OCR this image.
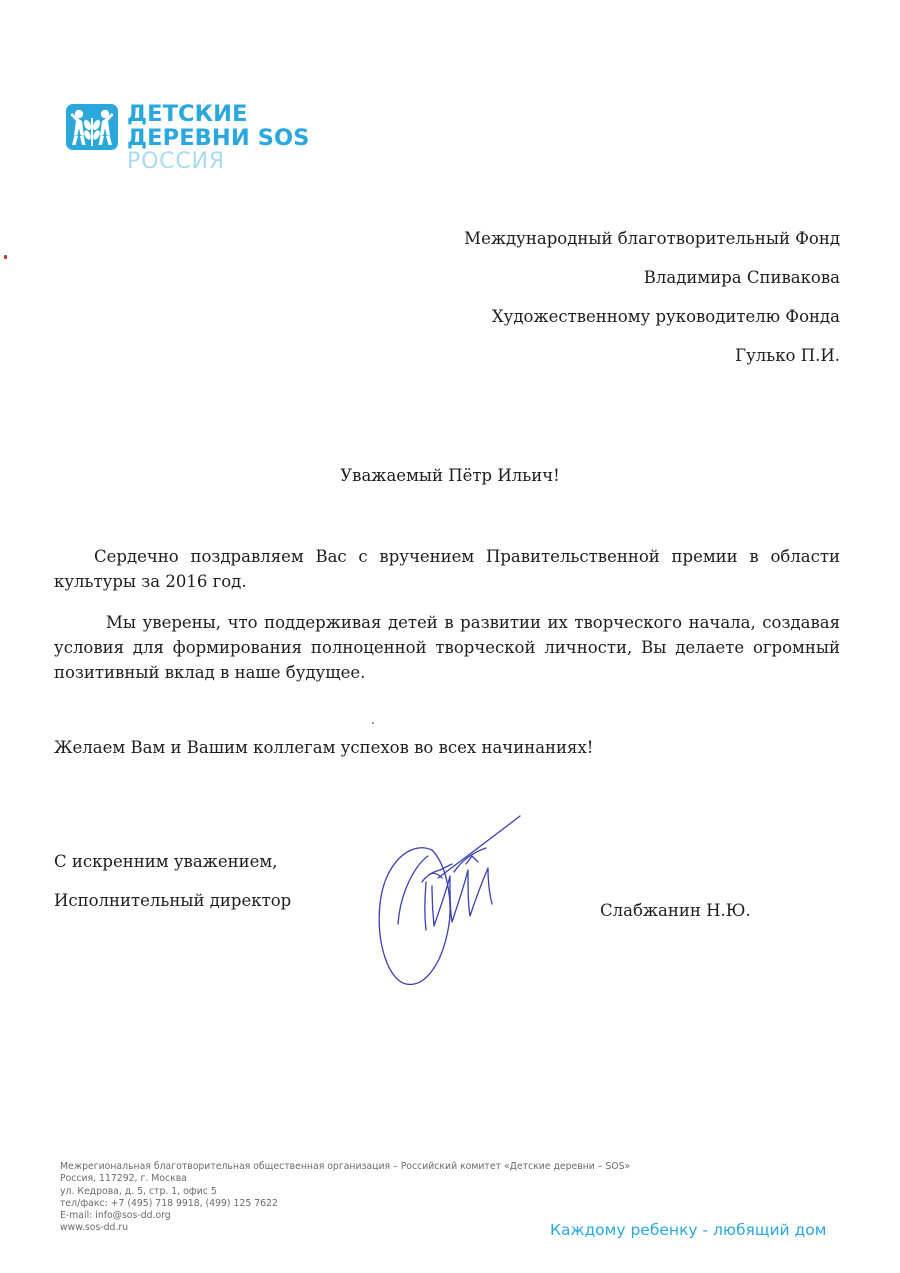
ДЕТСКИЕ
ДЕРЕВНИ SOS
РОССИЯ
Международный благотворительный Фонд
Владимира Спивакова
Художественному руководителю Фонда
Гулько П.И.
Уважаемый Пётр Ильич!

Сердечно поздравляем Вас с вручением Правительственной премии в области культуры за 2016 год.

Мы уверены, что поддерживая детей в развитии их творческого начала, создавая условия для формирования полноценной творческой личности, Вы делаете огромный позитивный вклад в наше будущее.

Желаем Вам и Вашим коллегам успехов во всех начинаниях!

С искренним уважением,
Исполнительный директор
Слабжанин Н.Ю.
Межрегиональная благотворительная общественная организация – Российский комитет «Детские деревни – SOS»
Россия, 117292, г. Москва
ул. Кедрова, д. 5, стр. 1, офис 5
тел/факс: +7 (495) 718 9918, (499) 125 7622
E-mail: info@sos-dd.org
www.sos-dd.ru	Каждому ребенку - любящий дом
